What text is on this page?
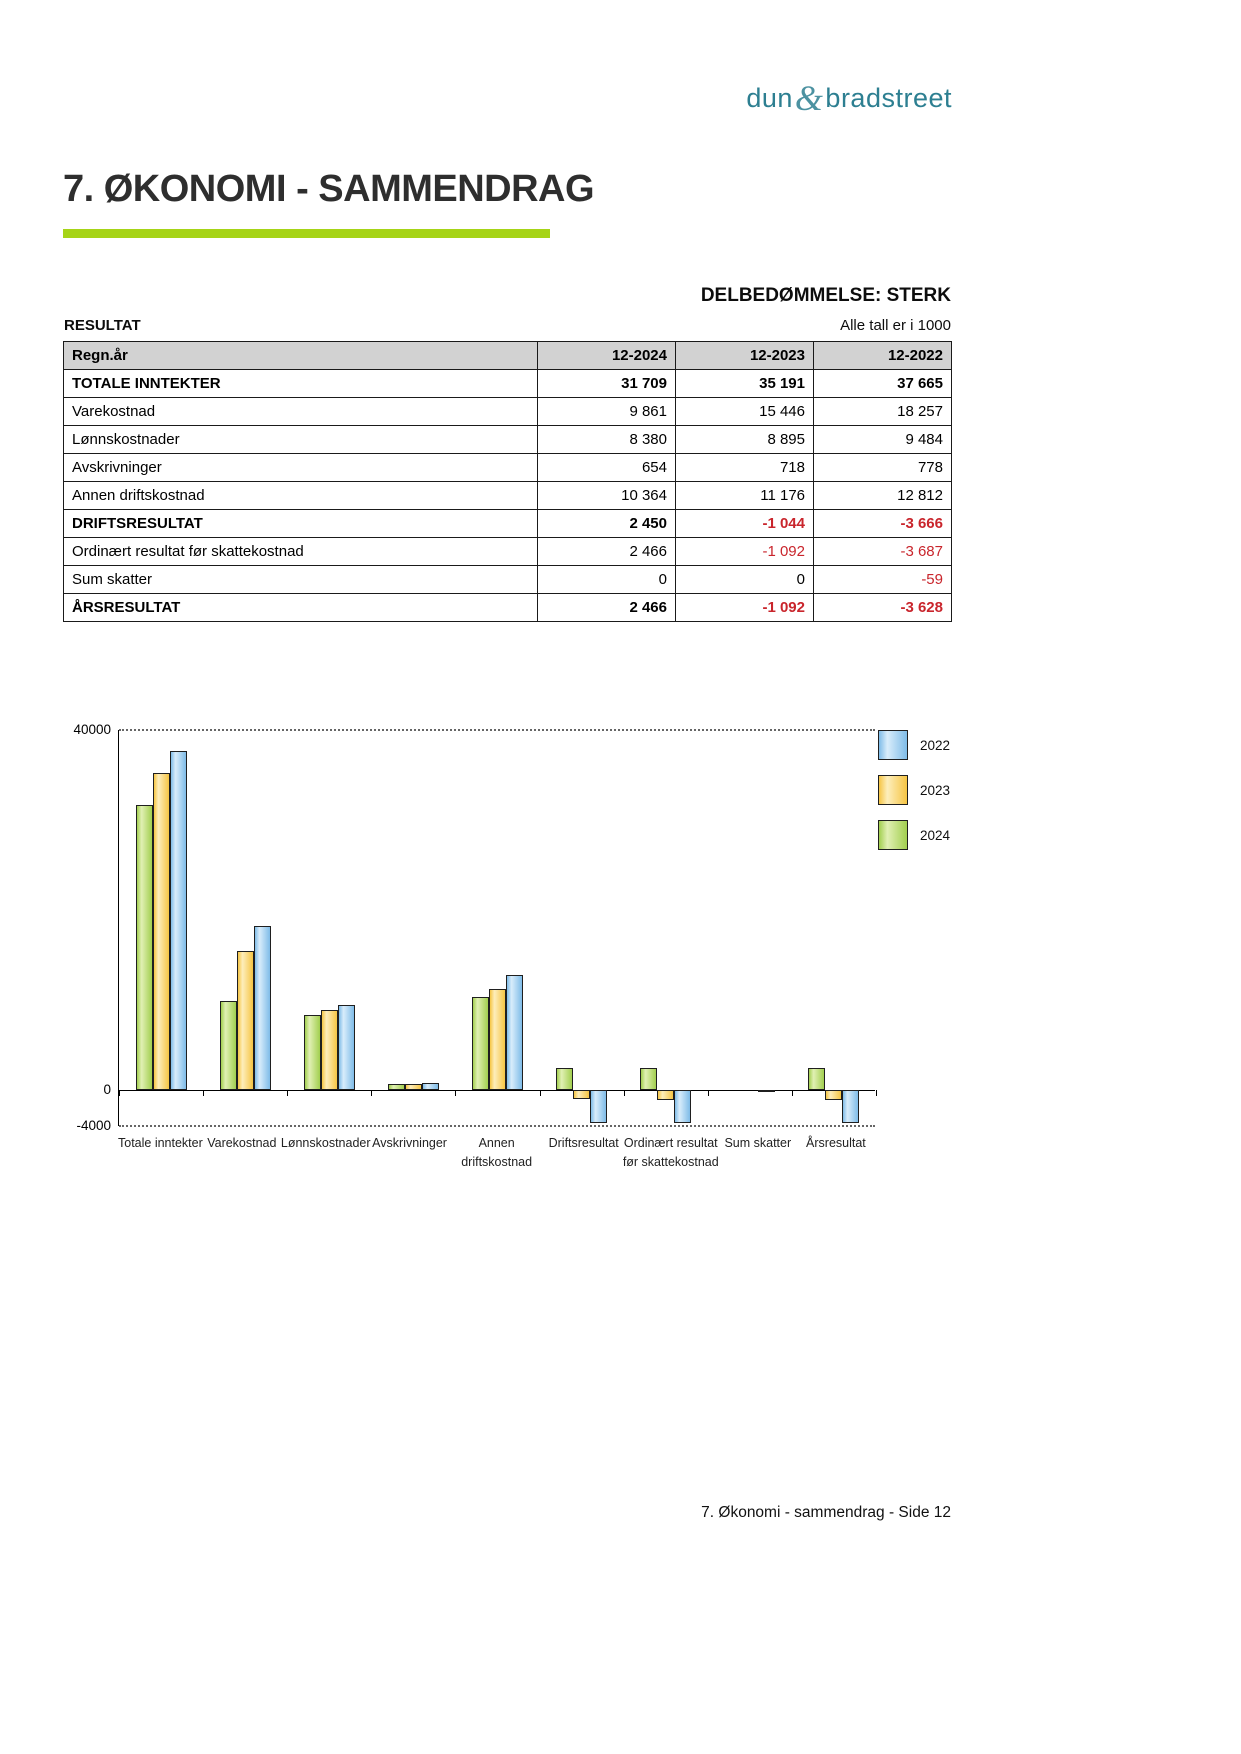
dun&bradstreet
7. ØKONOMI - SAMMENDRAG
DELBEDØMMELSE: STERK
RESULTAT	Alle tall er i 1000
Regn.år	12-2024	12-2023	12-2022
TOTALE INNTEKTER	31 709	35 191	37 665
Varekostnad	9 861	15 446	18 257
Lønnskostnader	8 380	8 895	9 484
Avskrivninger	654	718	778
Annen driftskostnad	10 364	11 176	12 812
DRIFTSRESULTAT	2 450	-1 044	-3 666
Ordinært resultat før skattekostnad	2 466	-1 092	-3 687
Sum skatter	0	0	-59
ÅRSRESULTAT	2 466	-1 092	-3 628
40000
0
-4000
Totale inntekter Varekostnad Lønnskostnader Avskrivninger	Annen driftskostnad
Driftsresultat Ordinært resultat før skattekostnad
Sum skatter Årsresultat
2022
2023
2024
7. Økonomi - sammendrag - Side 12
